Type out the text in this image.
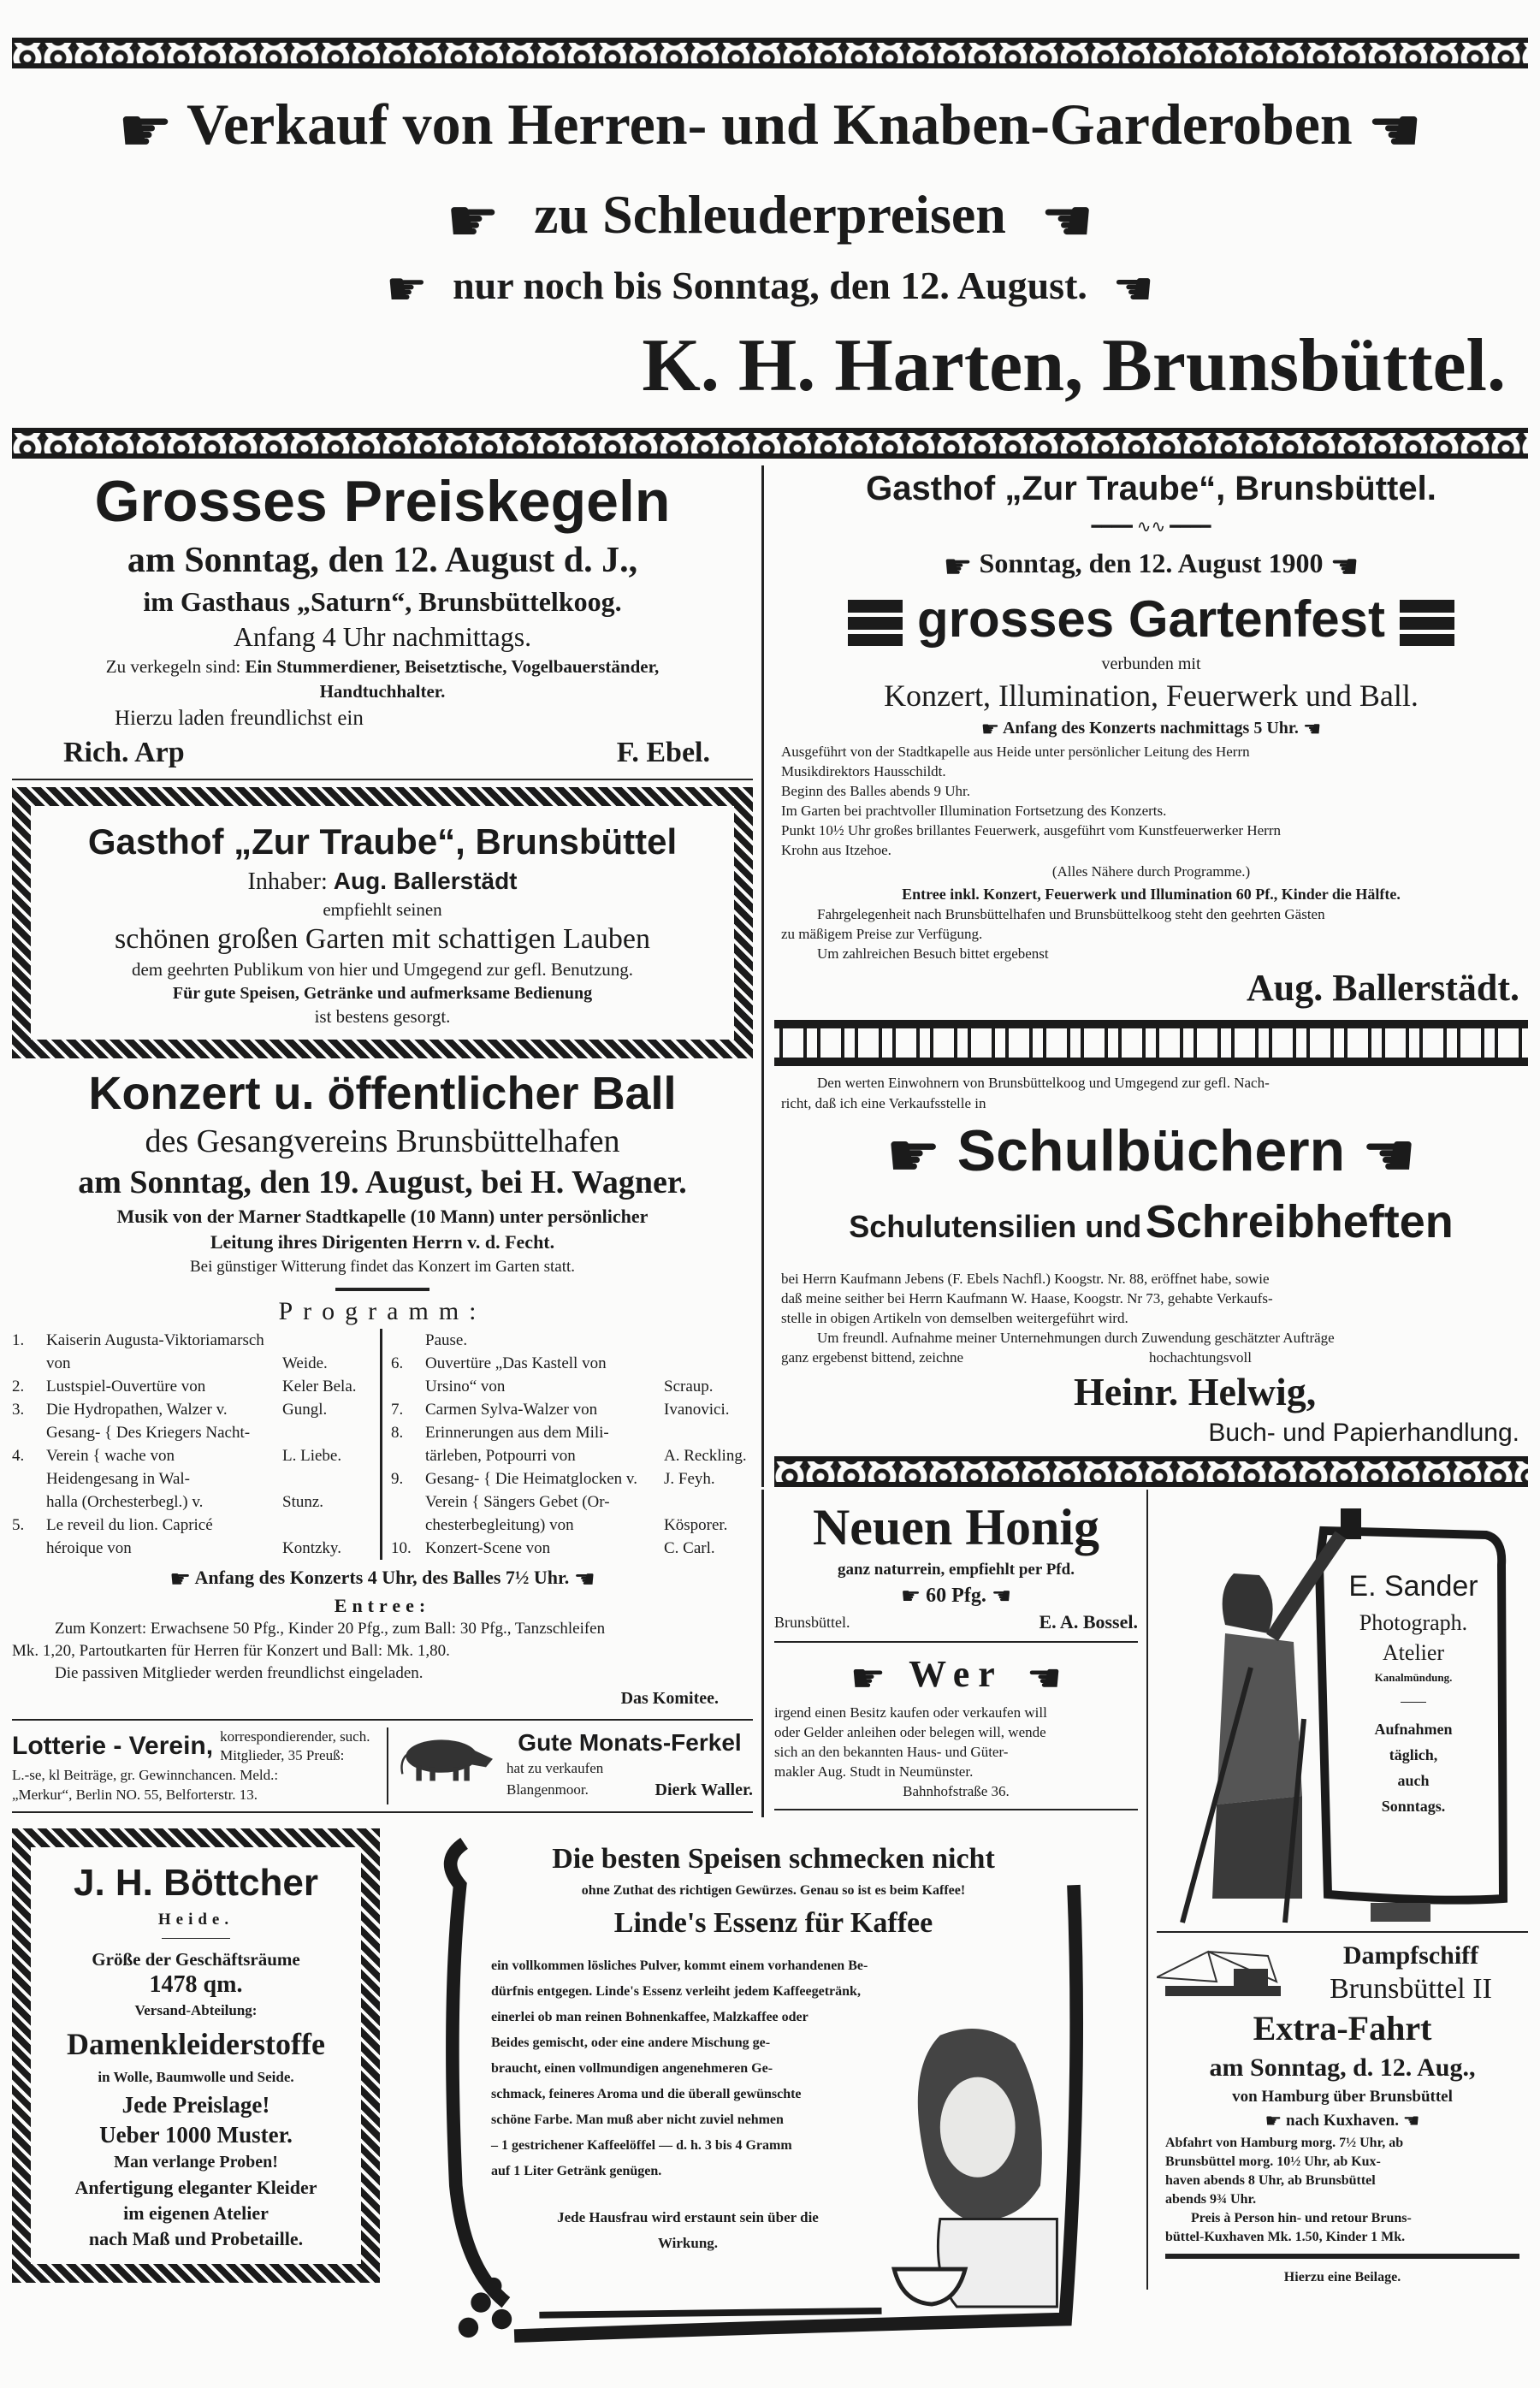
☛ Verkauf von Herren- und Knaben-Garderoben ☚
☛ zu Schleuderpreisen ☚
☛ nur noch bis Sonntag, den 12. August. ☚
K. H. Harten, Brunsbüttel.
Grosses Preiskegeln
am Sonntag, den 12. August d. J.,
im Gasthaus „Saturn“, Brunsbüttelkoog.
Anfang 4 Uhr nachmittags.
Zu verkegeln sind: Ein Stummerdiener, Beisetztische, Vogelbauerständer,
Handtuchhalter.
Hierzu laden freundlichst ein
Rich. Arp	F. Ebel.
Gasthof „Zur Traube“, Brunsbüttel
Inhaber: Aug. Ballerstädt
empfiehlt seinen
schönen großen Garten mit schattigen Lauben
dem geehrten Publikum von hier und Umgegend zur gefl. Benutzung.
Für gute Speisen, Getränke und aufmerksame Bedienung
ist bestens gesorgt.
Konzert u. öffentlicher Ball
des Gesangvereins Brunsbüttelhafen
am Sonntag, den 19. August, bei H. Wagner.
Musik von der Marner Stadtkapelle (10 Mann) unter persönlicher
Leitung ihres Dirigenten Herrn v. d. Fecht.
Bei günstiger Witterung findet das Konzert im Garten statt.
Programm:
1.	Kaiserin Augusta-Viktoriamarsch
von	Weide.
2.	Lustspiel-Ouvertüre von	Keler Bela.
3.	Die Hydropathen, Walzer v.	Gungl.
Gesang- { Des Kriegers Nacht-
4.	Verein { wache von	L. Liebe.
Heidengesang in Wal-
halla (Orchesterbegl.) v.	Stunz.
5.	Le reveil du lion. Capricé
héroique von	Kontzky.
Pause.
6.	Ouvertüre „Das Kastell von
Ursino“ von	Scraup.
7.	Carmen Sylva-Walzer von	Ivanovici.
8.	Erinnerungen aus dem Mili-
tärleben, Potpourri von	A. Reckling.
9.	Gesang- { Die Heimatglocken v.	J. Feyh.
Verein { Sängers Gebet (Or-
chesterbegleitung) von	Kösporer.
10. Konzert-Scene von	C. Carl.
☛ Anfang des Konzerts 4 Uhr, des Balles 7½ Uhr. ☚
Entree:
Zum Konzert: Erwachsene 50 Pfg., Kinder 20 Pfg., zum Ball: 30 Pfg., Tanzschleifen
Mk. 1,20, Partoutkarten für Herren für Konzert und Ball: Mk. 1,80.
Die passiven Mitglieder werden freundlichst eingeladen.
Das Komitee.
Lotterie - Verein, korrespondierender, such.
Mitglieder, 35 Preuß:
L.-se, kl Beiträge, gr. Gewinnchancen. Meld.:
„Merkur“, Berlin NO. 55, Belforterstr. 13.
Gute Monats-Ferkel
hat zu verkaufen
Blangenmoor.	Dierk Waller.
Gasthof „Zur Traube“, Brunsbüttel.
━━━━ ∿∿ ━━━━
☛ Sonntag, den 12. August 1900 ☚
grosses Gartenfest
verbunden mit
Konzert, Illumination, Feuerwerk und Ball.
☛ Anfang des Konzerts nachmittags 5 Uhr. ☚
Ausgeführt von der Stadtkapelle aus Heide unter persönlicher Leitung des Herrn
Musikdirektors Hausschildt.
Beginn des Balles abends 9 Uhr.
Im Garten bei prachtvoller Illumination Fortsetzung des Konzerts.
Punkt 10½ Uhr großes brillantes Feuerwerk, ausgeführt vom Kunstfeuerwerker Herrn
Krohn aus Itzehoe.
(Alles Nähere durch Programme.)
Entree inkl. Konzert, Feuerwerk und Illumination 60 Pf., Kinder die Hälfte.
Fahrgelegenheit nach Brunsbüttelhafen und Brunsbüttelkoog steht den geehrten Gästen
zu mäßigem Preise zur Verfügung.
Um zahlreichen Besuch bittet ergebenst
Aug. Ballerstädt.
Den werten Einwohnern von Brunsbüttelkoog und Umgegend zur gefl. Nach-
richt, daß ich eine Verkaufsstelle in
☛ Schulbüchern ☚
Schulutensilien und Schreibheften
bei Herrn Kaufmann Jebens (F. Ebels Nachfl.) Koogstr. Nr. 88, eröffnet habe, sowie
daß meine seither bei Herrn Kaufmann W. Haase, Koogstr. Nr 73, gehabte Verkaufs-
stelle in obigen Artikeln von demselben weitergeführt wird.
Um freundl. Aufnahme meiner Unternehmungen durch Zuwendung geschätzter Aufträge
ganz ergebenst bittend, zeichne	hochachtungsvoll
Heinr. Helwig,
Buch- und Papierhandlung.
Neuen Honig
ganz naturrein, empfiehlt per Pfd.
☛ 60 Pfg. ☚
Brunsbüttel.	E. A. Bossel.
☛ Wer ☚
irgend einen Besitz kaufen oder verkaufen will
oder Gelder anleihen oder belegen will, wende
sich an den bekannten Haus- und Güter-
makler Aug. Studt in Neumünster.
Bahnhofstraße 36.
E. Sander
Photograph.
Atelier
Kanalmündung.
Aufnahmen
täglich,
auch
Sonntags.
Dampfschiff
Brunsbüttel II
Extra-Fahrt
am Sonntag, d. 12. Aug.,
von Hamburg über Brunsbüttel
☛ nach Kuxhaven. ☚
Abfahrt von Hamburg morg. 7½ Uhr, ab
Brunsbüttel morg. 10½ Uhr, ab Kux-
haven abends 8 Uhr, ab Brunsbüttel
abends 9¾ Uhr.
Preis à Person hin- und retour Bruns-
büttel-Kuxhaven Mk. 1.50, Kinder 1 Mk.
Hierzu eine Beilage.
J. H. Böttcher
Heide.
Größe der Geschäftsräume
1478 qm.
Versand-Abteilung:
Damenkleiderstoffe
in Wolle, Baumwolle und Seide.
Jede Preislage!
Ueber 1000 Muster.
Man verlange Proben!
Anfertigung eleganter Kleider
im eigenen Atelier
nach Maß und Probetaille.
Die besten Speisen schmecken nicht
ohne Zuthat des richtigen Gewürzes. Genau so ist es beim Kaffee!
Linde's Essenz für Kaffee
ein vollkommen lösliches Pulver, kommt einem vorhandenen Be-
dürfnis entgegen. Linde's Essenz verleiht jedem Kaffeegetränk,
einerlei ob man reinen Bohnenkaffee, Malzkaffee oder
Beides gemischt, oder eine andere Mischung ge-
braucht, einen vollmundigen angenehmeren Ge-
schmack, feineres Aroma und die überall gewünschte
schöne Farbe. Man muß aber nicht zuviel nehmen
– 1 gestrichener Kaffeelöffel — d. h. 3 bis 4 Gramm
auf 1 Liter Getränk genügen.
Jede Hausfrau wird erstaunt sein über die
Wirkung.
